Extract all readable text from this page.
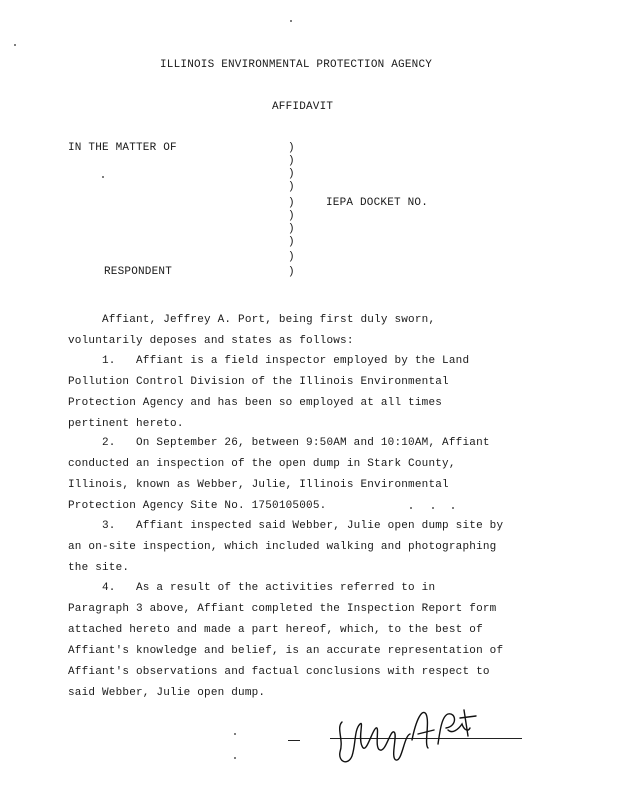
ILLINOIS ENVIRONMENTAL PROTECTION AGENCY
AFFIDAVIT
IN THE MATTER OF
RESPONDENT
IEPA DOCKET NO.
)
)
)
)
)
)
)
)
)
)
Affiant, Jeffrey A. Port, being first duly sworn,
voluntarily deposes and states as follows:
1.   Affiant is a field inspector employed by the Land
Pollution Control Division of the Illinois Environmental
Protection Agency and has been so employed at all times
pertinent hereto.
2.   On September 26, between 9:50AM and 10:10AM, Affiant
conducted an inspection of the open dump in Stark County,
Illinois, known as Webber, Julie, Illinois Environmental
Protection Agency Site No. 1750105005.
3.   Affiant inspected said Webber, Julie open dump site by
an on-site inspection, which included walking and photographing
the site.
4.   As a result of the activities referred to in
Paragraph 3 above, Affiant completed the Inspection Report form
attached hereto and made a part hereof, which, to the best of
Affiant's knowledge and belief, is an accurate representation of
Affiant's observations and factual conclusions with respect to
said Webber, Julie open dump.
